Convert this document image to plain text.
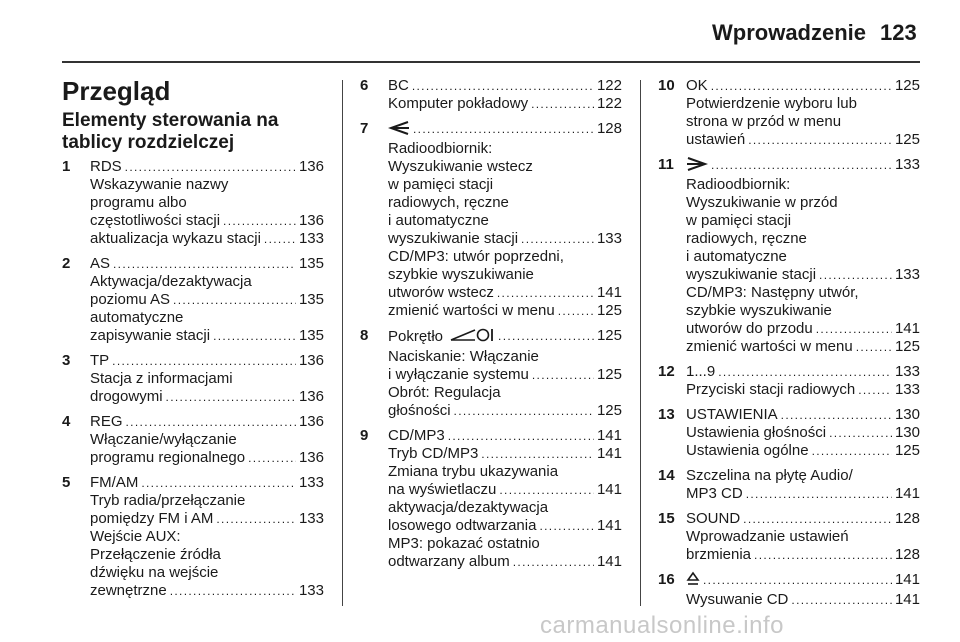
Wprowadzenie 123
Przegląd
Elementy sterowania na tablicy rozdzielczej
1	RDS . . .	136
Wskazywanie nazwy
programu albo
częstotliwości stacji . . .	136
aktualizacja wykazu stacji . . .	133
2	AS . . .	135
Aktywacja/dezaktywacja
poziomu AS . . .	135
automatyczne
zapisywanie stacji . . .	135
3	TP . . .	136
Stacja z informacjami
drogowymi . . .	136
4	REG . . .	136
Włączanie/wyłączanie
programu regionalnego . . .	136
5	FM/AM . . .	133
Tryb radia/przełączanie
pomiędzy FM i AM . . .	133
Wejście AUX:
Przełączenie źródła
dźwięku na wejście
zewnętrzne . . .	133
6	BC . . .	122
Komputer pokładowy . . .	122
7 . . .	128
Radioodbiornik:
Wyszukiwanie wstecz
w pamięci stacji
radiowych, ręczne
i automatyczne
wyszukiwanie stacji . . .	133
CD/MP3: utwór poprzedni,
szybkie wyszukiwanie
utworów wstecz . . .	141
zmienić wartości w menu . . .	125
8	Pokrętło . . .	125
Naciskanie: Włączanie
i wyłączanie systemu . . .	125
Obrót: Regulacja
głośności . . .	125
9	CD/MP3 . . .	141
Tryb CD/MP3 . . .	141
Zmiana trybu ukazywania
na wyświetlaczu . . .	141
aktywacja/dezaktywacja
losowego odtwarzania . . .	141
MP3: pokazać ostatnio
odtwarzany album . . .	141
10 OK . . .	125
Potwierdzenie wyboru lub
strona w przód w menu
ustawień . . .	125
11 . . .	133
Radioodbiornik:
Wyszukiwanie w przód
w pamięci stacji
radiowych, ręczne
i automatyczne
wyszukiwanie stacji . . .	133
CD/MP3: Następny utwór,
szybkie wyszukiwanie
utworów do przodu . . .	141
zmienić wartości w menu . . .	125
12 1...9 . . .	133
Przyciski stacji radiowych . . .	133
13 USTAWIENIA . . .	130
Ustawienia głośności . . .	130
Ustawienia ogólne . . .	125
14 Szczelina na płytę Audio/
MP3 CD . . .	141
15 SOUND . . .	128
Wprowadzanie ustawień
brzmienia . . .	128
16 . . .	141
Wysuwanie CD . . .	141
carmanualsonline.info
